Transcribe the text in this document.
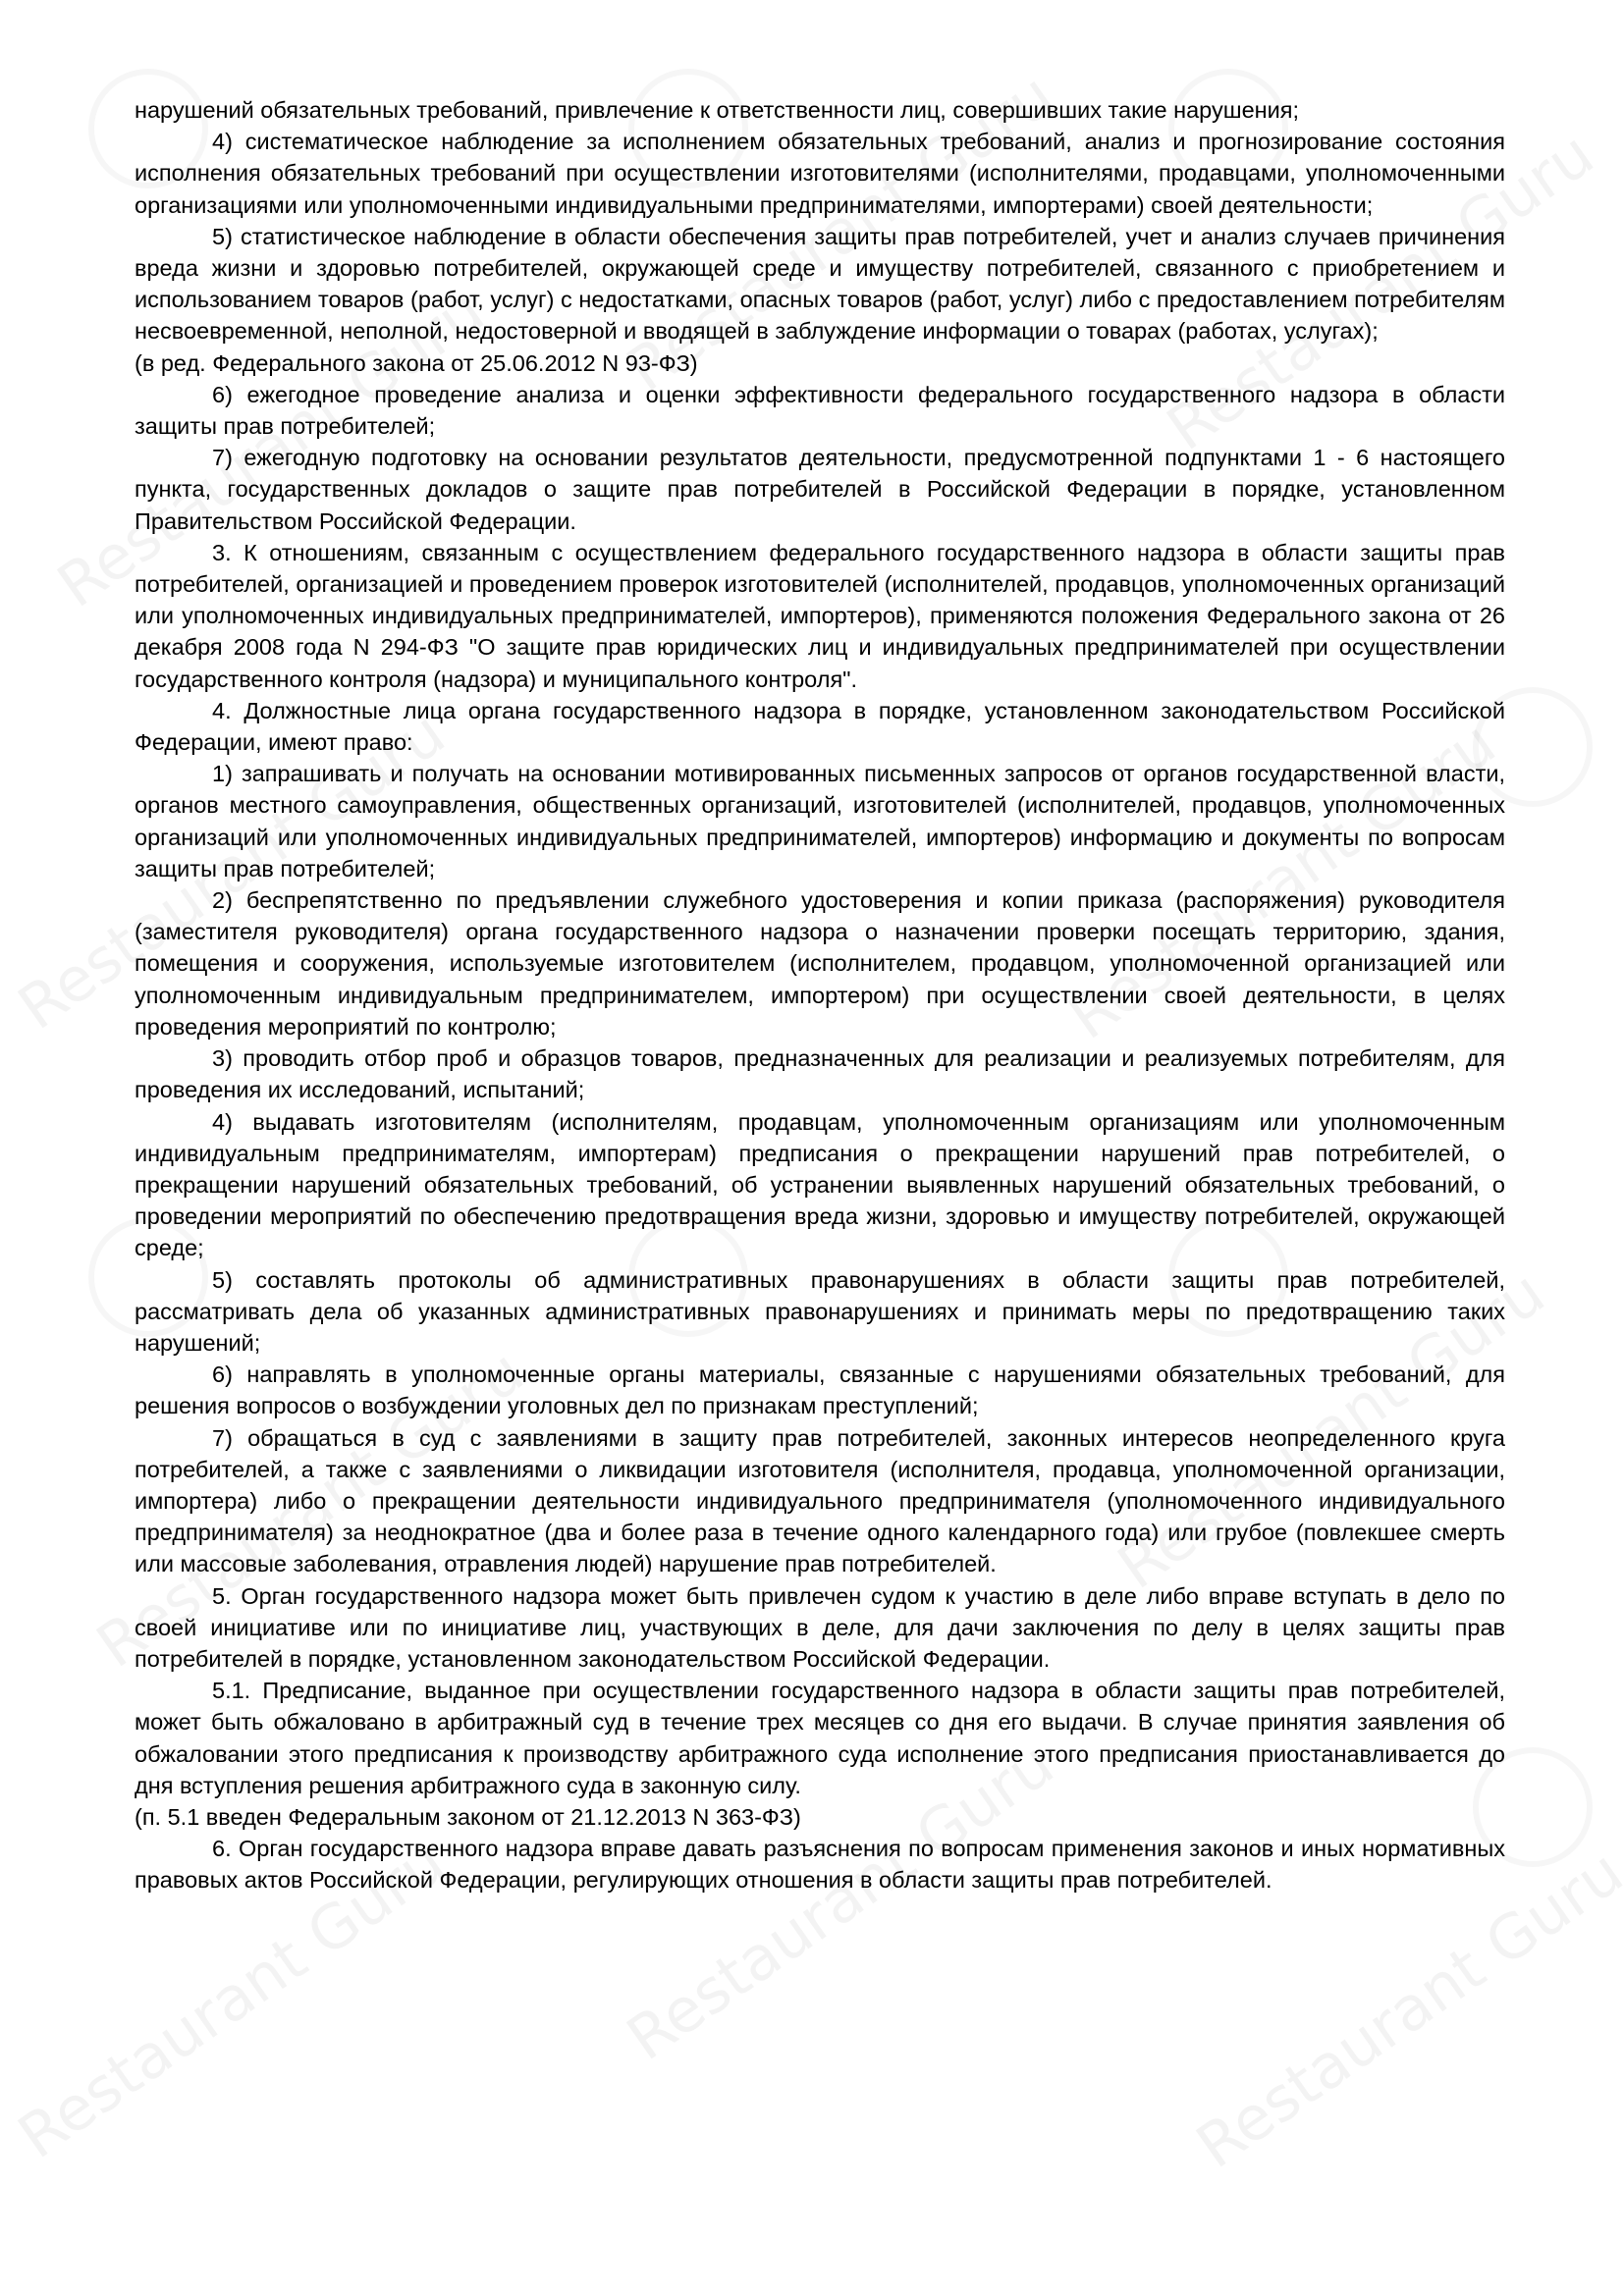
нарушений обязательных требований, привлечение к ответственности лиц, совершивших такие нарушения;

4) систематическое наблюдение за исполнением обязательных требований, анализ и прогнозирование состояния исполнения обязательных требований при осуществлении изготовителями (исполнителями, продавцами, уполномоченными организациями или уполномоченными индивидуальными предпринимателями, импортерами) своей деятельности;

5) статистическое наблюдение в области обеспечения защиты прав потребителей, учет и анализ случаев причинения вреда жизни и здоровью потребителей, окружающей среде и имуществу потребителей, связанного с приобретением и использованием товаров (работ, услуг) с недостатками, опасных товаров (работ, услуг) либо с предоставлением потребителям несвоевременной, неполной, недостоверной и вводящей в заблуждение информации о товарах (работах, услугах);

(в ред. Федерального закона от 25.06.2012 N 93-ФЗ)

6) ежегодное проведение анализа и оценки эффективности федерального государственного надзора в области защиты прав потребителей;

7) ежегодную подготовку на основании результатов деятельности, предусмотренной подпунктами 1 - 6 настоящего пункта, государственных докладов о защите прав потребителей в Российской Федерации в порядке, установленном Правительством Российской Федерации.

3. К отношениям, связанным с осуществлением федерального государственного надзора в области защиты прав потребителей, организацией и проведением проверок изготовителей (исполнителей, продавцов, уполномоченных организаций или уполномоченных индивидуальных предпринимателей, импортеров), применяются положения Федерального закона от 26 декабря 2008 года N 294-ФЗ "О защите прав юридических лиц и индивидуальных предпринимателей при осуществлении государственного контроля (надзора) и муниципального контроля".

4. Должностные лица органа государственного надзора в порядке, установленном законодательством Российской Федерации, имеют право:

1) запрашивать и получать на основании мотивированных письменных запросов от органов государственной власти, органов местного самоуправления, общественных организаций, изготовителей (исполнителей, продавцов, уполномоченных организаций или уполномоченных индивидуальных предпринимателей, импортеров) информацию и документы по вопросам защиты прав потребителей;

2) беспрепятственно по предъявлении служебного удостоверения и копии приказа (распоряжения) руководителя (заместителя руководителя) органа государственного надзора о назначении проверки посещать территорию, здания, помещения и сооружения, используемые изготовителем (исполнителем, продавцом, уполномоченной организацией или уполномоченным индивидуальным предпринимателем, импортером) при осуществлении своей деятельности, в целях проведения мероприятий по контролю;

3) проводить отбор проб и образцов товаров, предназначенных для реализации и реализуемых потребителям, для проведения их исследований, испытаний;

4) выдавать изготовителям (исполнителям, продавцам, уполномоченным организациям или уполномоченным индивидуальным предпринимателям, импортерам) предписания о прекращении нарушений прав потребителей, о прекращении нарушений обязательных требований, об устранении выявленных нарушений обязательных требований, о проведении мероприятий по обеспечению предотвращения вреда жизни, здоровью и имуществу потребителей, окружающей среде;

5) составлять протоколы об административных правонарушениях в области защиты прав потребителей, рассматривать дела об указанных административных правонарушениях и принимать меры по предотвращению таких нарушений;

6) направлять в уполномоченные органы материалы, связанные с нарушениями обязательных требований, для решения вопросов о возбуждении уголовных дел по признакам преступлений;

7) обращаться в суд с заявлениями в защиту прав потребителей, законных интересов неопределенного круга потребителей, а также с заявлениями о ликвидации изготовителя (исполнителя, продавца, уполномоченной организации, импортера) либо о прекращении деятельности индивидуального предпринимателя (уполномоченного индивидуального предпринимателя) за неоднократное (два и более раза в течение одного календарного года) или грубое (повлекшее смерть или массовые заболевания, отравления людей) нарушение прав потребителей.

5. Орган государственного надзора может быть привлечен судом к участию в деле либо вправе вступать в дело по своей инициативе или по инициативе лиц, участвующих в деле, для дачи заключения по делу в целях защиты прав потребителей в порядке, установленном законодательством Российской Федерации.

5.1. Предписание, выданное при осуществлении государственного надзора в области защиты прав потребителей, может быть обжаловано в арбитражный суд в течение трех месяцев со дня его выдачи. В случае принятия заявления об обжаловании этого предписания к производству арбитражного суда исполнение этого предписания приостанавливается до дня вступления решения арбитражного суда в законную силу.

(п. 5.1 введен Федеральным законом от 21.12.2013 N 363-ФЗ)

6. Орган государственного надзора вправе давать разъяснения по вопросам применения законов и иных нормативных правовых актов Российской Федерации, регулирующих отношения в области защиты прав потребителей.
